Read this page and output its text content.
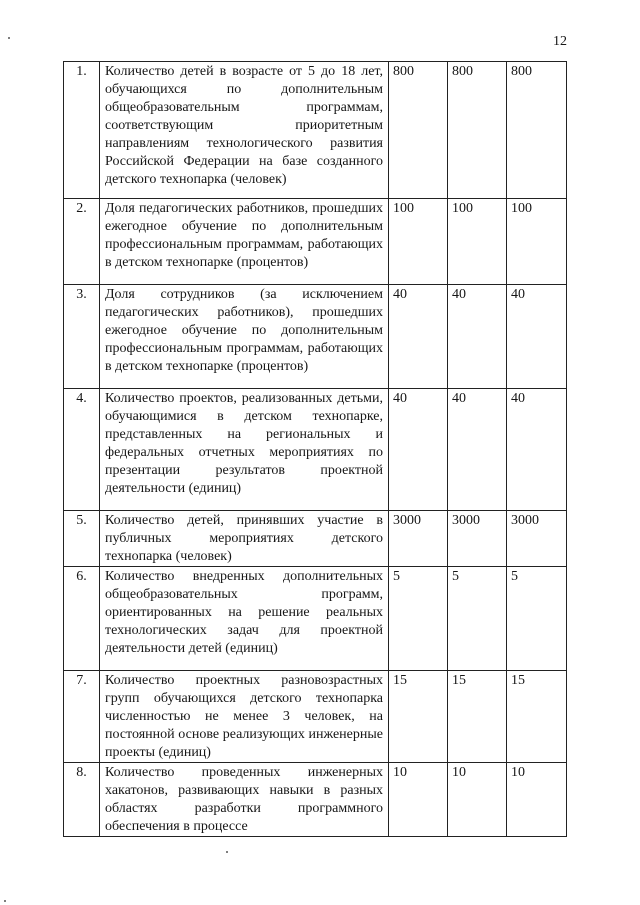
12
1.	Количество детей в возрасте от 5 до 18 лет, обучающихся по дополнительным общеобразовательным программам, соответствующим приоритетным направлениям технологического развития Российской Федерации на базе созданного детского технопарка (человек)	800	800	800
2.	Доля педагогических работников, прошедших ежегодное обучение по дополнительным профессиональным программам, работающих в детском технопарке (процентов)	100	100	100
3.	Доля сотрудников (за исключением педагогических работников), прошедших ежегодное обучение по дополнительным профессиональным программам, работающих в детском технопарке (процентов)	40	40	40
4.	Количество проектов, реализованных детьми, обучающимися в детском технопарке, представленных на региональных и федеральных отчетных мероприятиях по презентации результатов проектной деятельности (единиц)	40	40	40
5.	Количество детей, принявших участие в публичных мероприятиях детского технопарка (человек)	3000	3000	3000
6.	Количество внедренных дополнительных общеобразовательных программ, ориентированных на решение реальных технологических задач для проектной деятельности детей (единиц)	5	5	5
7.	Количество проектных разновозрастных групп обучающихся детского технопарка численностью не менее 3 человек, на постоянной основе реализующих инженерные проекты (единиц)	15	15	15
8.	Количество проведенных инженерных хакатонов, развивающих навыки в разных областях разработки программного обеспечения в процессе	10	10	10
